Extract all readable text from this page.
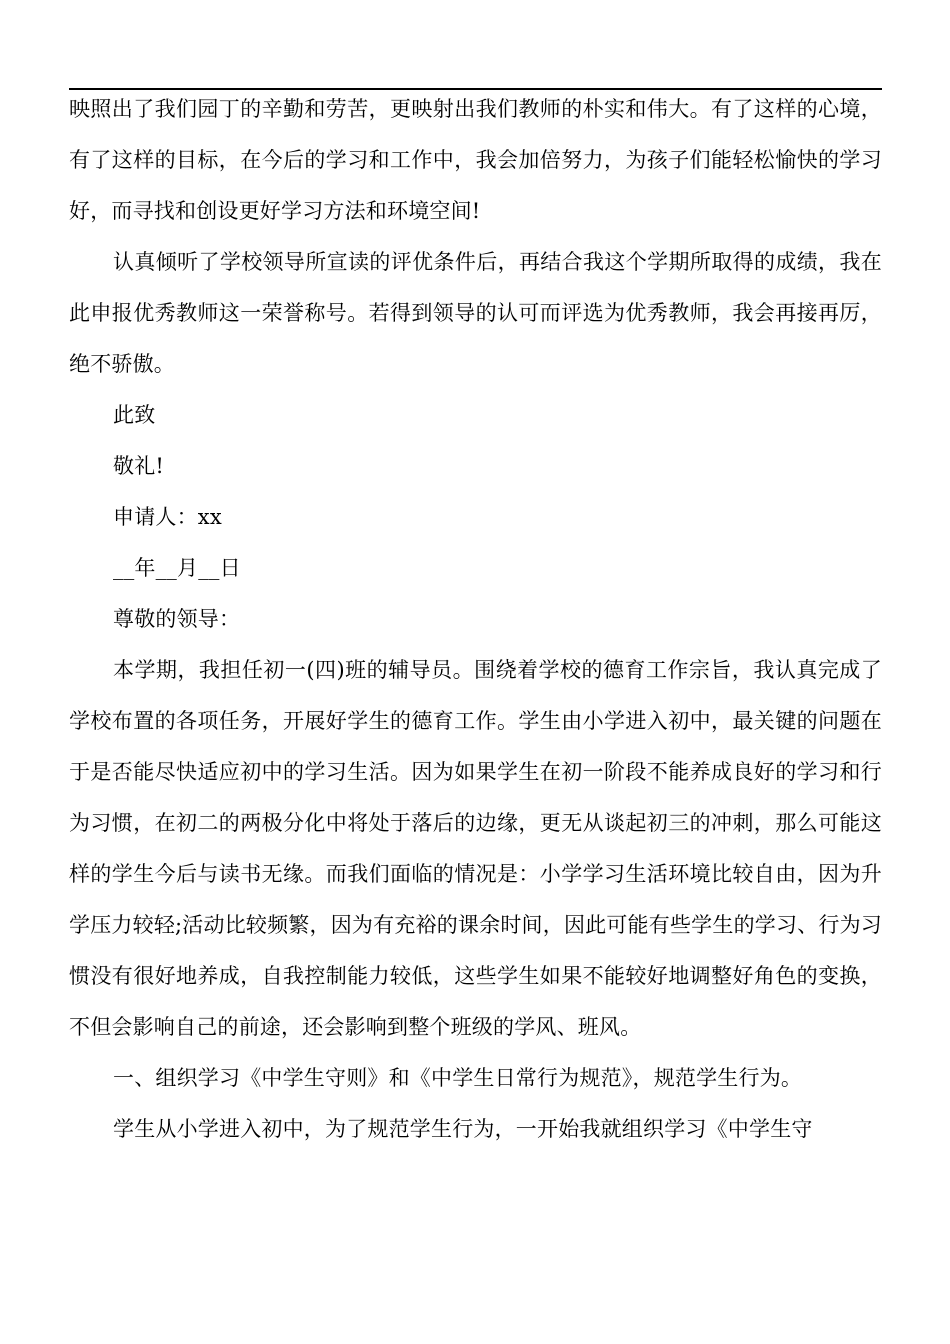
映照出了我们园丁的辛勤和劳苦，更映射出我们教师的朴实和伟大。有了这样的心境，有了这样的目标，在今后的学习和工作中，我会加倍努力，为孩子们能轻松愉快的学习好，而寻找和创设更好学习方法和环境空间!

认真倾听了学校领导所宣读的评优条件后，再结合我这个学期所取得的成绩，我在此申报优秀教师这一荣誉称号。若得到领导的认可而评选为优秀教师，我会再接再厉，绝不骄傲。

此致

敬礼!

申请人：xx

__年__月__日

尊敬的领导：

本学期，我担任初一(四)班的辅导员。围绕着学校的德育工作宗旨，我认真完成了学校布置的各项任务，开展好学生的德育工作。学生由小学进入初中，最关键的问题在于是否能尽快适应初中的学习生活。因为如果学生在初一阶段不能养成良好的学习和行为习惯，在初二的两极分化中将处于落后的边缘，更无从谈起初三的冲刺，那么可能这样的学生今后与读书无缘。而我们面临的情况是：小学学习生活环境比较自由，因为升学压力较轻;活动比较频繁，因为有充裕的课余时间，因此可能有些学生的学习、行为习惯没有很好地养成，自我控制能力较低，这些学生如果不能较好地调整好角色的变换，不但会影响自己的前途，还会影响到整个班级的学风、班风。

一、组织学习《中学生守则》和《中学生日常行为规范》，规范学生行为。

学生从小学进入初中，为了规范学生行为，一开始我就组织学习《中学生守
